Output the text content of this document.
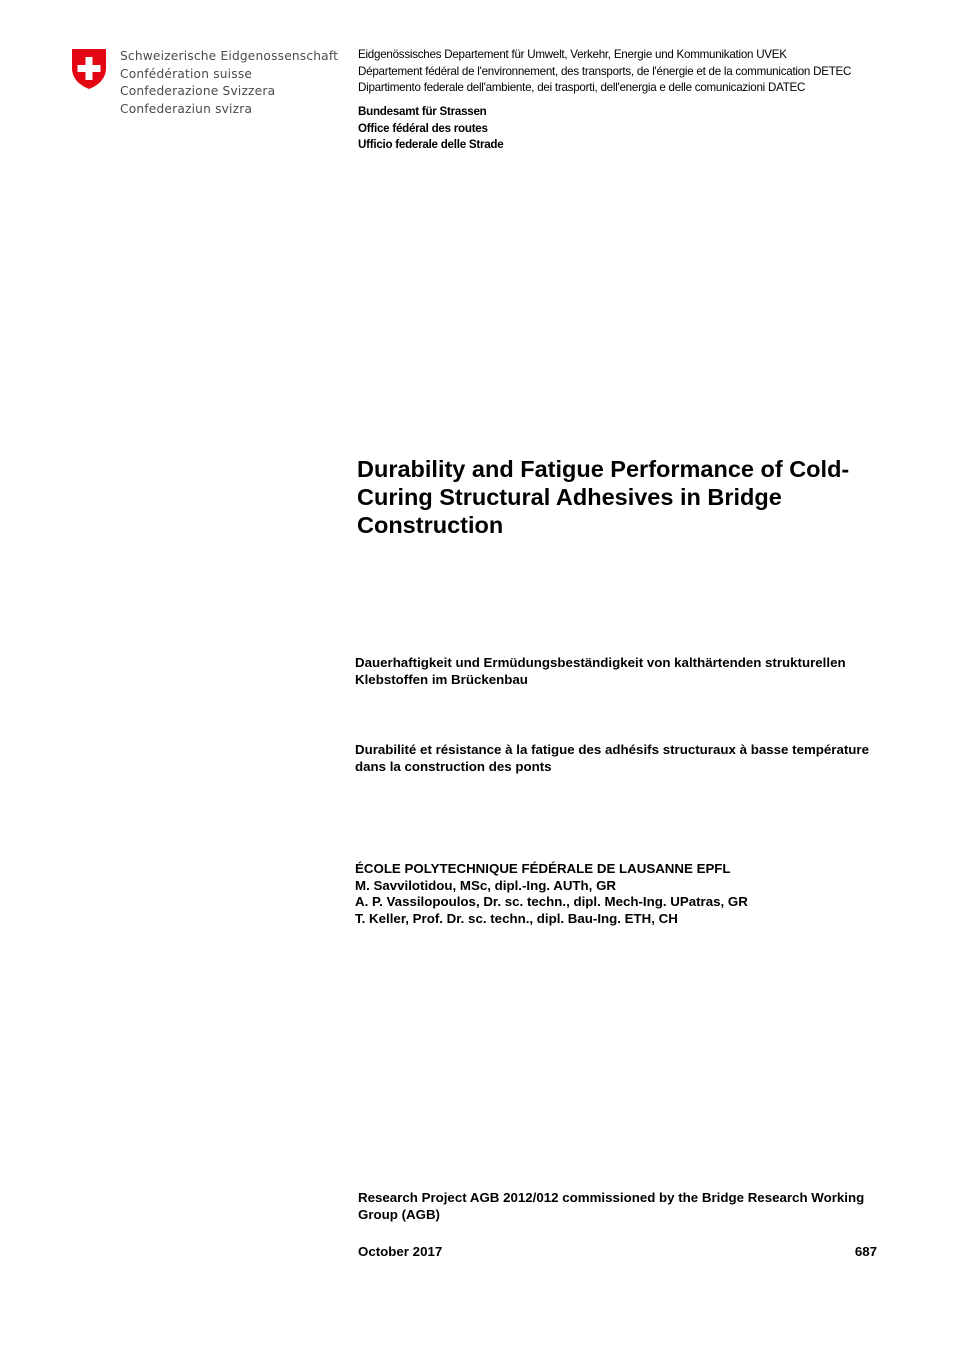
Schweizerische Eidgenossenschaft
Confédération suisse
Confederazione Svizzera
Confederaziun svizra
Eidgenössisches Departement für Umwelt, Verkehr, Energie und Kommunikation UVEK
Département fédéral de l'environnement, des transports, de l'énergie et de la communication DETEC
Dipartimento federale dell'ambiente, dei trasporti, dell'energia e delle comunicazioni DATEC
Bundesamt für Strassen
Office fédéral des routes
Ufficio federale delle Strade
Durability and Fatigue Performance of Cold-Curing Structural Adhesives in Bridge Construction

Dauerhaftigkeit und Ermüdungsbeständigkeit von kalthärtenden strukturellen Klebstoffen im Brückenbau

Durabilité et résistance à la fatigue des adhésifs structuraux à basse température dans la construction des ponts

ÉCOLE POLYTECHNIQUE FÉDÉRALE DE LAUSANNE EPFL
M. Savvilotidou, MSc, dipl.-Ing. AUTh, GR
A. P. Vassilopoulos, Dr. sc. techn., dipl. Mech-Ing. UPatras, GR
T. Keller, Prof. Dr. sc. techn., dipl. Bau-Ing. ETH, CH
Research Project AGB 2012/012 commissioned by the Bridge Research Working Group (AGB)
October 2017	687
